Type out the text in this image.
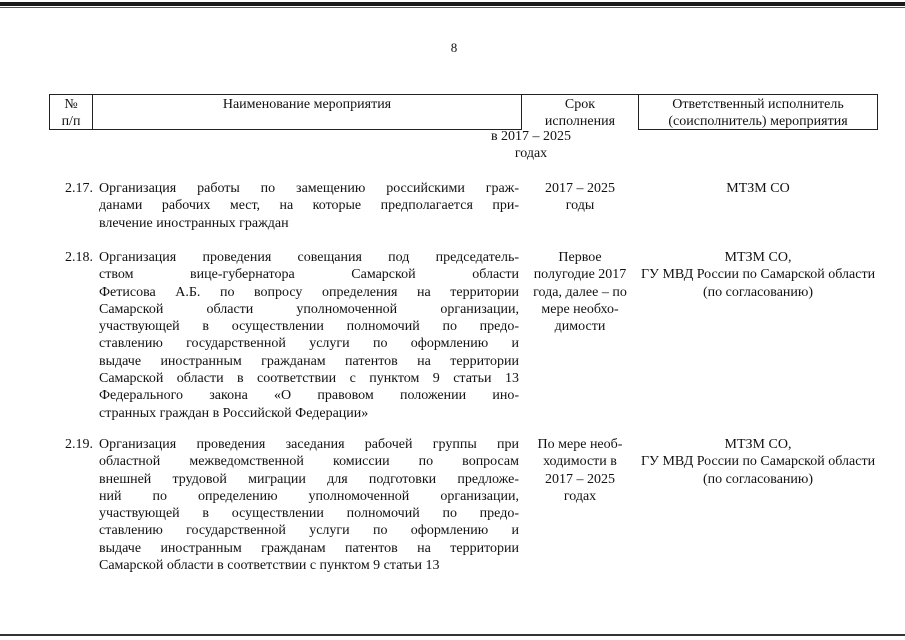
8
№
п/п
Наименование мероприятия	Срок
исполнения
Ответственный исполнитель
(соисполнитель) мероприятия
в 2017 – 2025
годах
2.17. Организация работы по замещению российскими граж-
данами рабочих мест, на которые предполагается при-
влечение иностранных граждан
2017 – 2025
годы
МТЗМ СО
2.18. Организация проведения совещания под председатель-
ством вице-губернатора Самарской области
Фетисова А.Б. по вопросу определения на территории
Самарской области уполномоченной организации,
участвующей в осуществлении полномочий по предо-
ставлению государственной услуги по оформлению и
выдаче иностранным гражданам патентов на территории
Самарской области в соответствии с пунктом 9 статьи 13
Федерального закона «О правовом положении ино-
странных граждан в Российской Федерации»
Первое
полугодие 2017
года, далее – по
мере необхо-
димости
МТЗМ СО,
ГУ МВД России по Самарской области
(по согласованию)
2.19. Организация проведения заседания рабочей группы при
областной межведомственной комиссии по вопросам
внешней трудовой миграции для подготовки предложе-
ний по определению уполномоченной организации,
участвующей в осуществлении полномочий по предо-
ставлению государственной услуги по оформлению и
выдаче иностранным гражданам патентов на территории
Самарской области в соответствии с пунктом 9 статьи 13
По мере необ-
ходимости в
2017 – 2025
годах
МТЗМ СО,
ГУ МВД России по Самарской области
(по согласованию)
